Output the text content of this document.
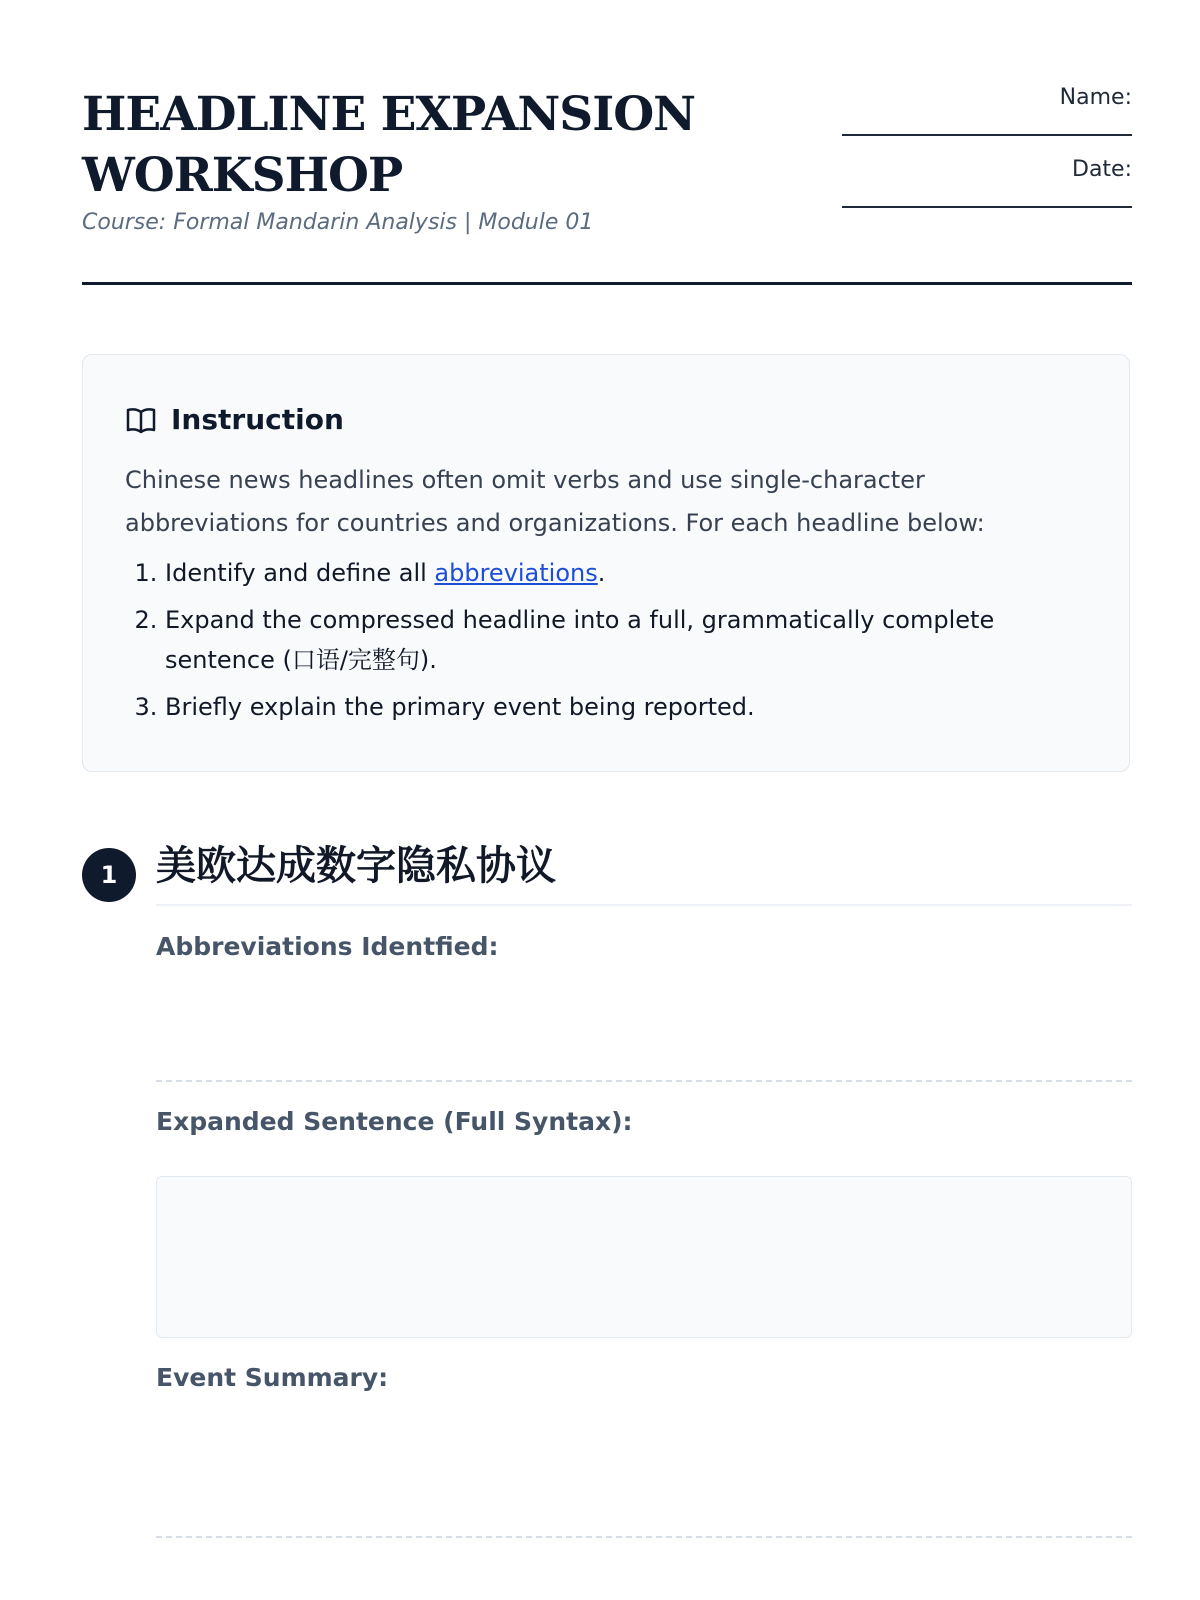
HEADLINE EXPANSION WORKSHOP
Course: Formal Mandarin Analysis | Module 01
Name:
Date:
Instruction

Chinese news headlines often omit verbs and use single-character abbreviations for countries and organizations. For each headline below:

1. Identify and define all abbreviations.
2. Expand the compressed headline into a full, grammatically complete sentence (口语/完整句).
3. Briefly explain the primary event being reported.
1 美欧达成数字隐私协议
Abbreviations Identfied:
Expanded Sentence (Full Syntax):
Event Summary:
